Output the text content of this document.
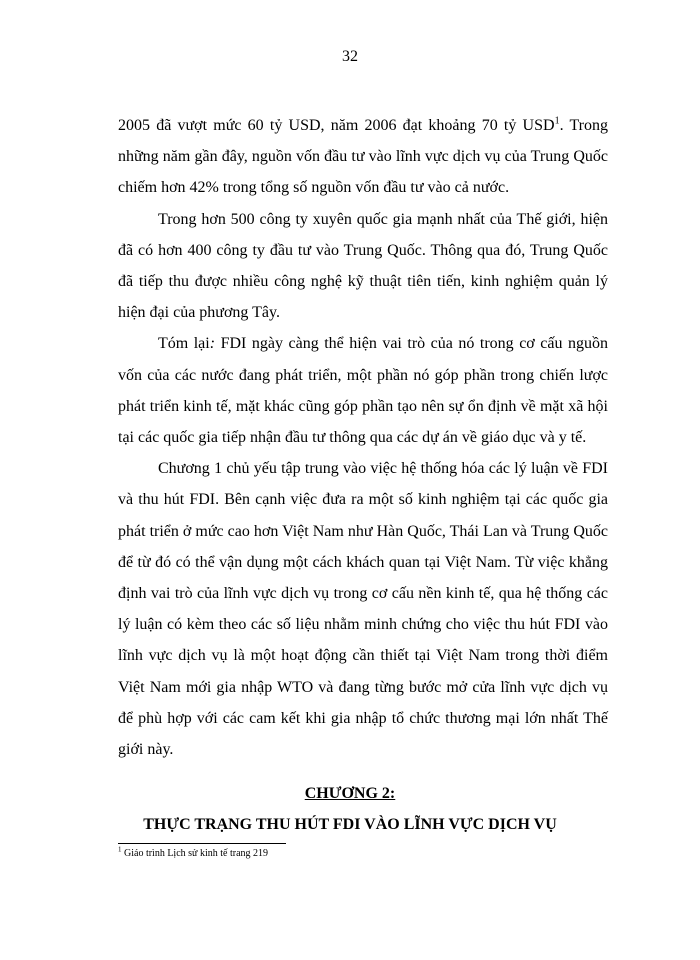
32

2005 đã vượt mức 60 tỷ USD, năm 2006 đạt khoảng 70 tỷ USD$^1$. Trong những năm gần đây, nguồn vốn đầu tư vào lĩnh vực dịch vụ của Trung Quốc chiếm hơn 42% trong tổng số nguồn vốn đầu tư vào cả nước.

Trong hơn 500 công ty xuyên quốc gia mạnh nhất của Thế giới, hiện đã có hơn 400 công ty đầu tư vào Trung Quốc. Thông qua đó, Trung Quốc đã tiếp thu được nhiều công nghệ kỹ thuật tiên tiến, kinh nghiệm quản lý hiện đại của phương Tây.

Tóm lại: FDI ngày càng thể hiện vai trò của nó trong cơ cấu nguồn vốn của các nước đang phát triển, một phần nó góp phần trong chiến lược phát triển kinh tế, mặt khác cũng góp phần tạo nên sự ổn định về mặt xã hội tại các quốc gia tiếp nhận đầu tư thông qua các dự án về giáo dục và y tế.

Chương 1 chủ yếu tập trung vào việc hệ thống hóa các lý luận về FDI và thu hút FDI. Bên cạnh việc đưa ra một số kinh nghiệm tại các quốc gia phát triển ở mức cao hơn Việt Nam như Hàn Quốc, Thái Lan và Trung Quốc để từ đó có thể vận dụng một cách khách quan tại Việt Nam. Từ việc khẳng định vai trò của lĩnh vực dịch vụ trong cơ cấu nền kinh tế, qua hệ thống các lý luận có kèm theo các số liệu nhằm minh chứng cho việc thu hút FDI vào lĩnh vực dịch vụ là một hoạt động cần thiết tại Việt Nam trong thời điểm Việt Nam mới gia nhập WTO và đang từng bước mở cửa lĩnh vực dịch vụ để phù hợp với các cam kết khi gia nhập tổ chức thương mại lớn nhất Thế giới này.

CHƯƠNG 2:
THỰC TRẠNG THU HÚT FDI VÀO LĨNH VỰC DỊCH VỤ
$^1$ Giáo trình Lịch sử kinh tế trang 219
